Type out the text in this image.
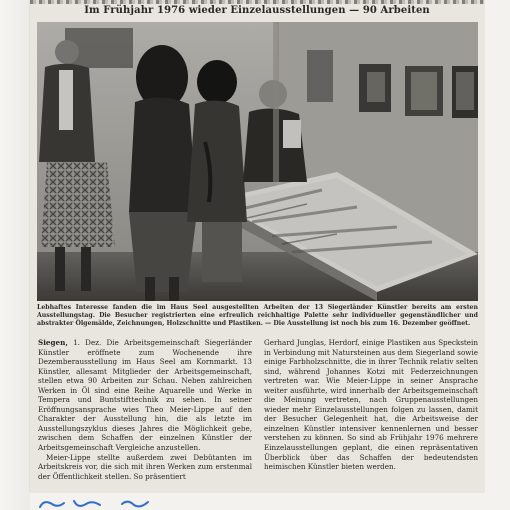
Im Frühjahr 1976 wieder Einzelausstellungen — 90 Arbeiten
Lebhaftes Interesse fanden die im Haus Seel ausgestellten Arbeiten der 13 Siegerländer Künstler bereits am ersten Ausstellungstag. Die Besucher registrierten eine erfreulich reichhaltige Palette sehr individueller gegenständlicher und abstrakter Ölgemälde, Zeichnungen, Holzschnitte und Plastiken. — Die Ausstellung ist noch bis zum 16. Dezember geöffnet.

Siegen, 1. Dez. Die Arbeitsgemeinschaft Siegerländer Künstler eröffnete zum Wochenende ihre Dezemberausstellung im Haus Seel am Kornmarkt. 13 Künstler, allesamt Mitglieder der Arbeitsgemeinschaft, stellen etwa 90 Arbeiten zur Schau. Neben zahlreichen Werken in Öl sind eine Reihe Aquarelle und Werke in Tempera und Buntstifttechnik zu sehen. In seiner Eröffnungsansprache wies Theo Meier-Lippe auf den Charakter der Ausstellung hin, die als letzte im Ausstellungszyklus dieses Jahres die Möglichkeit gebe, zwischen dem Schaffen der einzelnen Künstler der Arbeitsgemeinschaft Vergleiche anzustellen.

Meier-Lippe stellte außerdem zwei Debütanten im Arbeitskreis vor, die sich mit ihren Werken zum erstenmal der Öffentlichkeit stellen. So präsentiert

Gerhard Junglas, Herdorf, einige Plastiken aus Speckstein in Verbindung mit Natursteinen aus dem Siegerland sowie einige Farbholzschnitte, die in ihrer Technik relativ selten sind, während Johannes Kotzi mit Federzeichnungen vertreten war. Wie Meier-Lippe in seiner Ansprache weiter ausführte, wird innerhalb der Arbeitsgemeinschaft die Meinung vertreten, nach Gruppenausstellungen wieder mehr Einzelausstellungen folgen zu lassen, damit der Besucher Gelegenheit hat, die Arbeitsweise der einzelnen Künstler intensiver kennenlernen und besser verstehen zu können. So sind ab Frühjahr 1976 mehrere Einzelausstellungen geplant, die einen repräsentativen Überblick über das Schaffen der bedeutendsten heimischen Künstler bieten werden.
